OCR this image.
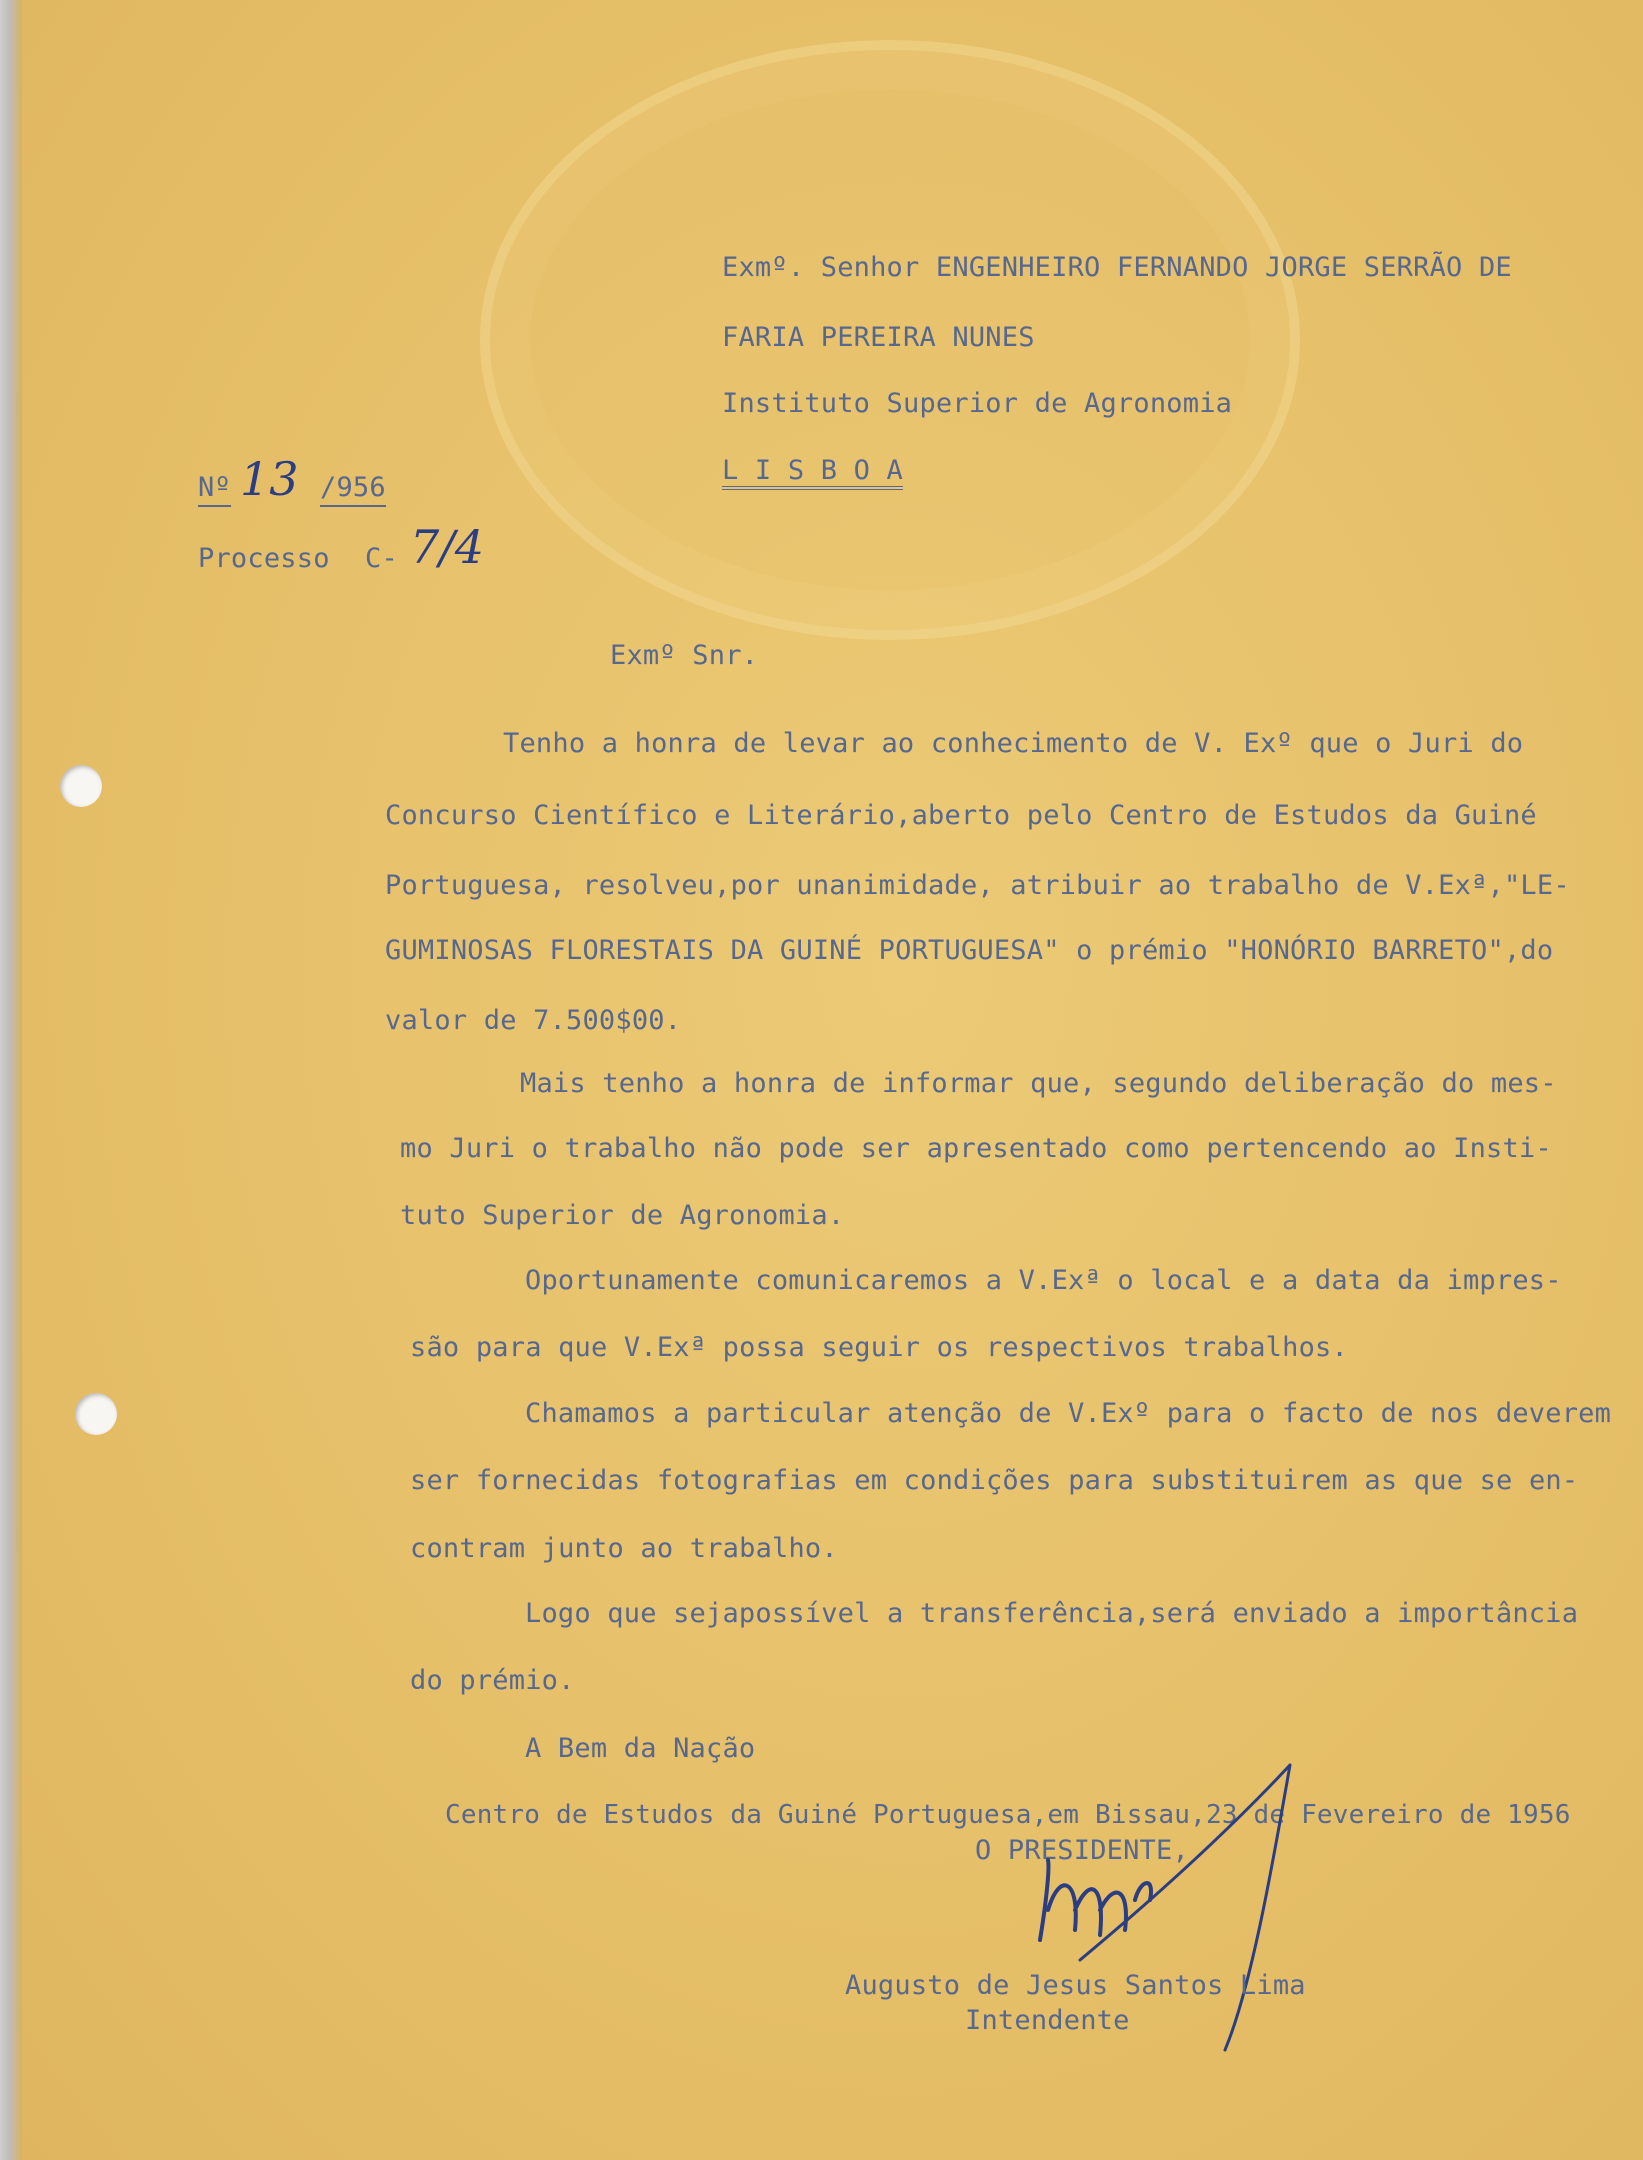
Exmº. Senhor ENGENHEIRO FERNANDO JORGE SERRÃO DE
FARIA PEREIRA NUNES
Instituto Superior de Agronomia
L I S B O A
Nº 13 /956
Processo C- 7/4
Exmº Snr.
Tenho a honra de levar ao conhecimento de V. Exº que o Juri do
Concurso Científico e Literário,aberto pelo Centro de Estudos da Guiné
Portuguesa, resolveu,por unanimidade, atribuir ao trabalho de V.Exª,"LE-
GUMINOSAS FLORESTAIS DA GUINÉ PORTUGUESA" o prémio "HONÓRIO BARRETO",do
valor de 7.500$00.
Mais tenho a honra de informar que, segundo deliberação do mes-
mo Juri o trabalho não pode ser apresentado como pertencendo ao Insti-
tuto Superior de Agronomia.
Oportunamente comunicaremos a V.Exª o local e a data da impres-
são para que V.Exª possa seguir os respectivos trabalhos.
Chamamos a particular atenção de V.Exº para o facto de nos deverem
ser fornecidas fotografias em condições para substituirem as que se en-
contram junto ao trabalho.
Logo que sejapossível a transferência,será enviado a importância
do prémio.
A Bem da Nação
Centro de Estudos da Guiné Portuguesa,em Bissau,23 de Fevereiro de 1956
O PRESIDENTE,
Augusto de Jesus Santos Lima
Intendente
